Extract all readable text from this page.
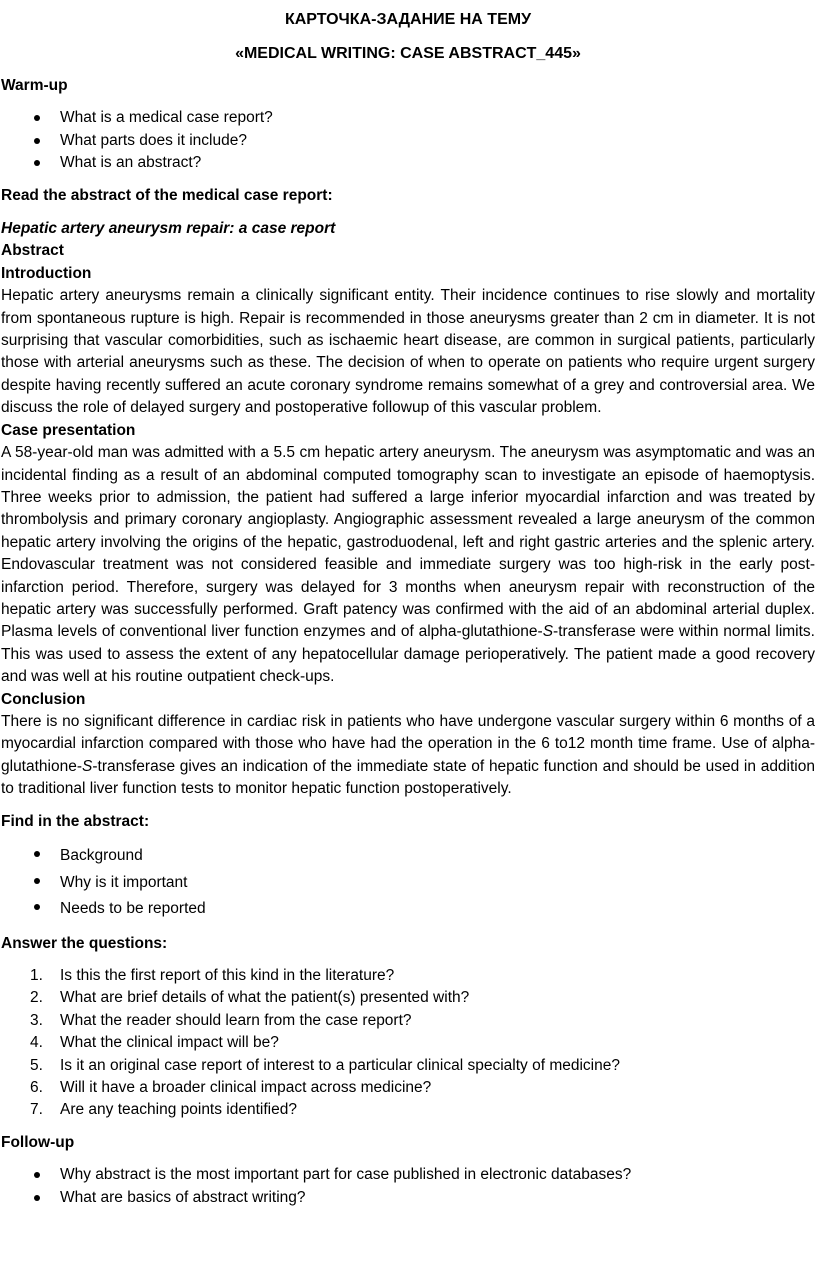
КАРТОЧКА-ЗАДАНИЕ НА ТЕМУ

«MEDICAL WRITING: CASE ABSTRACT_445»

Warm-up

What is a medical case report?
What parts does it include?
What is an abstract?

Read the abstract of the medical case report:

Hepatic artery aneurysm repair: a case report

Abstract

Introduction

Hepatic artery aneurysms remain a clinically significant entity. Their incidence continues to rise slowly and mortality from spontaneous rupture is high. Repair is recommended in those aneurysms greater than 2 cm in diameter. It is not surprising that vascular comorbidities, such as ischaemic heart disease, are common in surgical patients, particularly those with arterial aneurysms such as these. The decision of when to operate on patients who require urgent surgery despite having recently suffered an acute coronary syndrome remains somewhat of a grey and controversial area. We discuss the role of delayed surgery and postoperative followup of this vascular problem.

Case presentation

A 58-year-old man was admitted with a 5.5 cm hepatic artery aneurysm. The aneurysm was asymptomatic and was an incidental finding as a result of an abdominal computed tomography scan to investigate an episode of haemoptysis. Three weeks prior to admission, the patient had suffered a large inferior myocardial infarction and was treated by thrombolysis and primary coronary angioplasty. Angiographic assessment revealed a large aneurysm of the common hepatic artery involving the origins of the hepatic, gastroduodenal, left and right gastric arteries and the splenic artery. Endovascular treatment was not considered feasible and immediate surgery was too high-risk in the early post-infarction period. Therefore, surgery was delayed for 3 months when aneurysm repair with reconstruction of the hepatic artery was successfully performed. Graft patency was confirmed with the aid of an abdominal arterial duplex. Plasma levels of conventional liver function enzymes and of alpha-glutathione-S-transferase were within normal limits. This was used to assess the extent of any hepatocellular damage perioperatively. The patient made a good recovery and was well at his routine outpatient check-ups.

Conclusion

There is no significant difference in cardiac risk in patients who have undergone vascular surgery within 6 months of a myocardial infarction compared with those who have had the operation in the 6 to12 month time frame. Use of alpha-glutathione-S-transferase gives an indication of the immediate state of hepatic function and should be used in addition to traditional liver function tests to monitor hepatic function postoperatively.

Find in the abstract:

Background
Why is it important
Needs to be reported

Answer the questions:

1. Is this the first report of this kind in the literature?
2. What are brief details of what the patient(s) presented with?
3. What the reader should learn from the case report?
4. What the clinical impact will be?
5. Is it an original case report of interest to a particular clinical specialty of medicine?
6. Will it have a broader clinical impact across medicine?
7. Are any teaching points identified?

Follow-up

Why abstract is the most important part for case published in electronic databases?
What are basics of abstract writing?
